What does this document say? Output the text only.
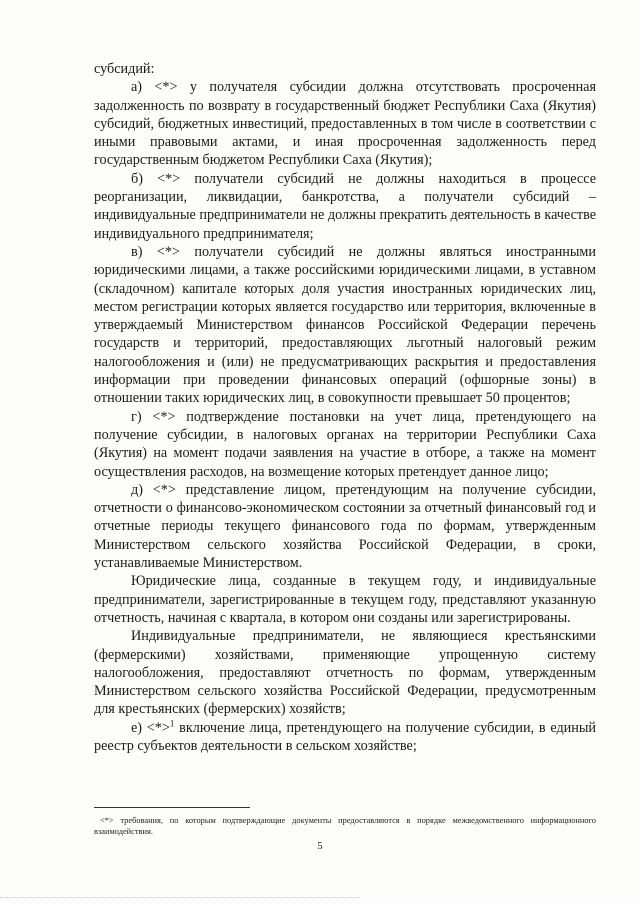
субсидий:

а) <*> у получателя субсидии должна отсутствовать просроченная задолженность по возврату в государственный бюджет Республики Саха (Якутия) субсидий, бюджетных инвестиций, предоставленных в том числе в соответствии с иными правовыми актами, и иная просроченная задолженность перед государственным бюджетом Республики Саха (Якутия);

б) <*> получатели субсидий не должны находиться в процессе реорганизации, ликвидации, банкротства, а получатели субсидий – индивидуальные предприниматели не должны прекратить деятельность в качестве индивидуального предпринимателя;

в) <*> получатели субсидий не должны являться иностранными юридическими лицами, а также российскими юридическими лицами, в уставном (складочном) капитале которых доля участия иностранных юридических лиц, местом регистрации которых является государство или территория, включенные в утверждаемый Министерством финансов Российской Федерации перечень государств и территорий, предоставляющих льготный налоговый режим налогообложения и (или) не предусматривающих раскрытия и предоставления информации при проведении финансовых операций (офшорные зоны) в отношении таких юридических лиц, в совокупности превышает 50 процентов;

г) <*> подтверждение постановки на учет лица, претендующего на получение субсидии, в налоговых органах на территории Республики Саха (Якутия) на момент подачи заявления на участие в отборе, а также на момент осуществления расходов, на возмещение которых претендует данное лицо;

д) <*> представление лицом, претендующим на получение субсидии, отчетности о финансово-экономическом состоянии за отчетный финансовый год и отчетные периоды текущего финансового года по формам, утвержденным Министерством сельского хозяйства Российской Федерации, в сроки, устанавливаемые Министерством.

Юридические лица, созданные в текущем году, и индивидуальные предприниматели, зарегистрированные в текущем году, представляют указанную отчетность, начиная с квартала, в котором они созданы или зарегистрированы.

Индивидуальные предприниматели, не являющиеся крестьянскими (фермерскими) хозяйствами, применяющие упрощенную систему налогообложения, предоставляют отчетность по формам, утвержденным Министерством сельского хозяйства Российской Федерации, предусмотренным для крестьянских (фермерских) хозяйств;

е) <*>$^1$ включение лица, претендующего на получение субсидии, в единый реестр субъектов деятельности в сельском хозяйстве;

<*> требования, по которым подтверждающие документы предоставляются в порядке межведомственного информационного взаимодействия.
5
